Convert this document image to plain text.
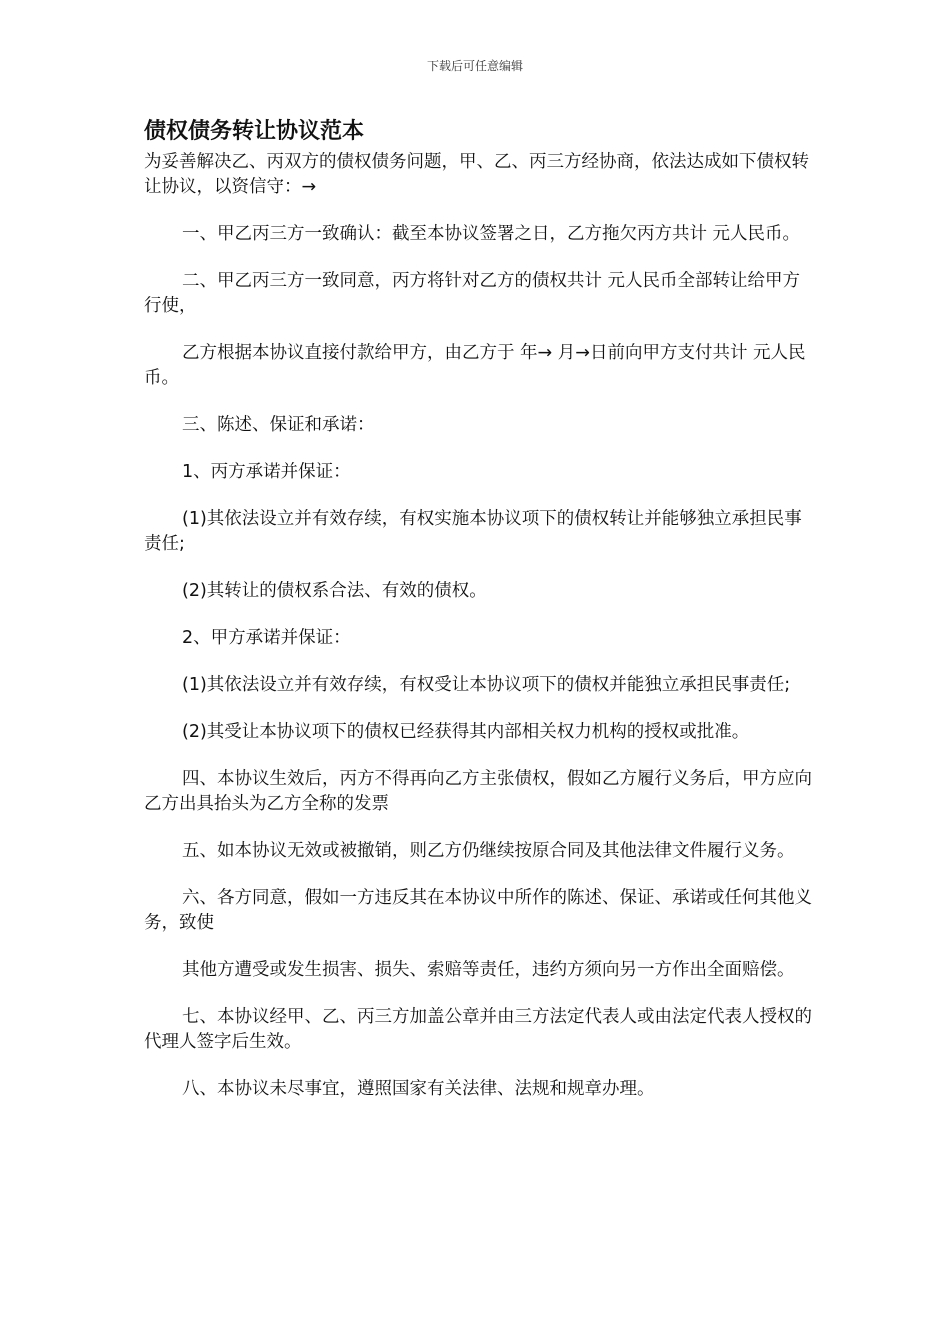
下载后可任意编辑
债权债务转让协议范本

为妥善解决乙、丙双方的债权债务问题，甲、乙、丙三方经协商，依法达成如下债权转让协议，以资信守：→

一、甲乙丙三方一致确认：截至本协议签署之日，乙方拖欠丙方共计 元人民币。

二、甲乙丙三方一致同意，丙方将针对乙方的债权共计 元人民币全部转让给甲方行使，

乙方根据本协议直接付款给甲方，由乙方于 年→ 月→日前向甲方支付共计 元人民币。

三、陈述、保证和承诺：

1、丙方承诺并保证：

(1)其依法设立并有效存续，有权实施本协议项下的债权转让并能够独立承担民事责任;

(2)其转让的债权系合法、有效的债权。

2、甲方承诺并保证：

(1)其依法设立并有效存续，有权受让本协议项下的债权并能独立承担民事责任;

(2)其受让本协议项下的债权已经获得其内部相关权力机构的授权或批准。

四、本协议生效后，丙方不得再向乙方主张债权，假如乙方履行义务后，甲方应向乙方出具抬头为乙方全称的发票

五、如本协议无效或被撤销，则乙方仍继续按原合同及其他法律文件履行义务。

六、各方同意，假如一方违反其在本协议中所作的陈述、保证、承诺或任何其他义务，致使

其他方遭受或发生损害、损失、索赔等责任，违约方须向另一方作出全面赔偿。

七、本协议经甲、乙、丙三方加盖公章并由三方法定代表人或由法定代表人授权的代理人签字后生效。

八、本协议未尽事宜，遵照国家有关法律、法规和规章办理。
